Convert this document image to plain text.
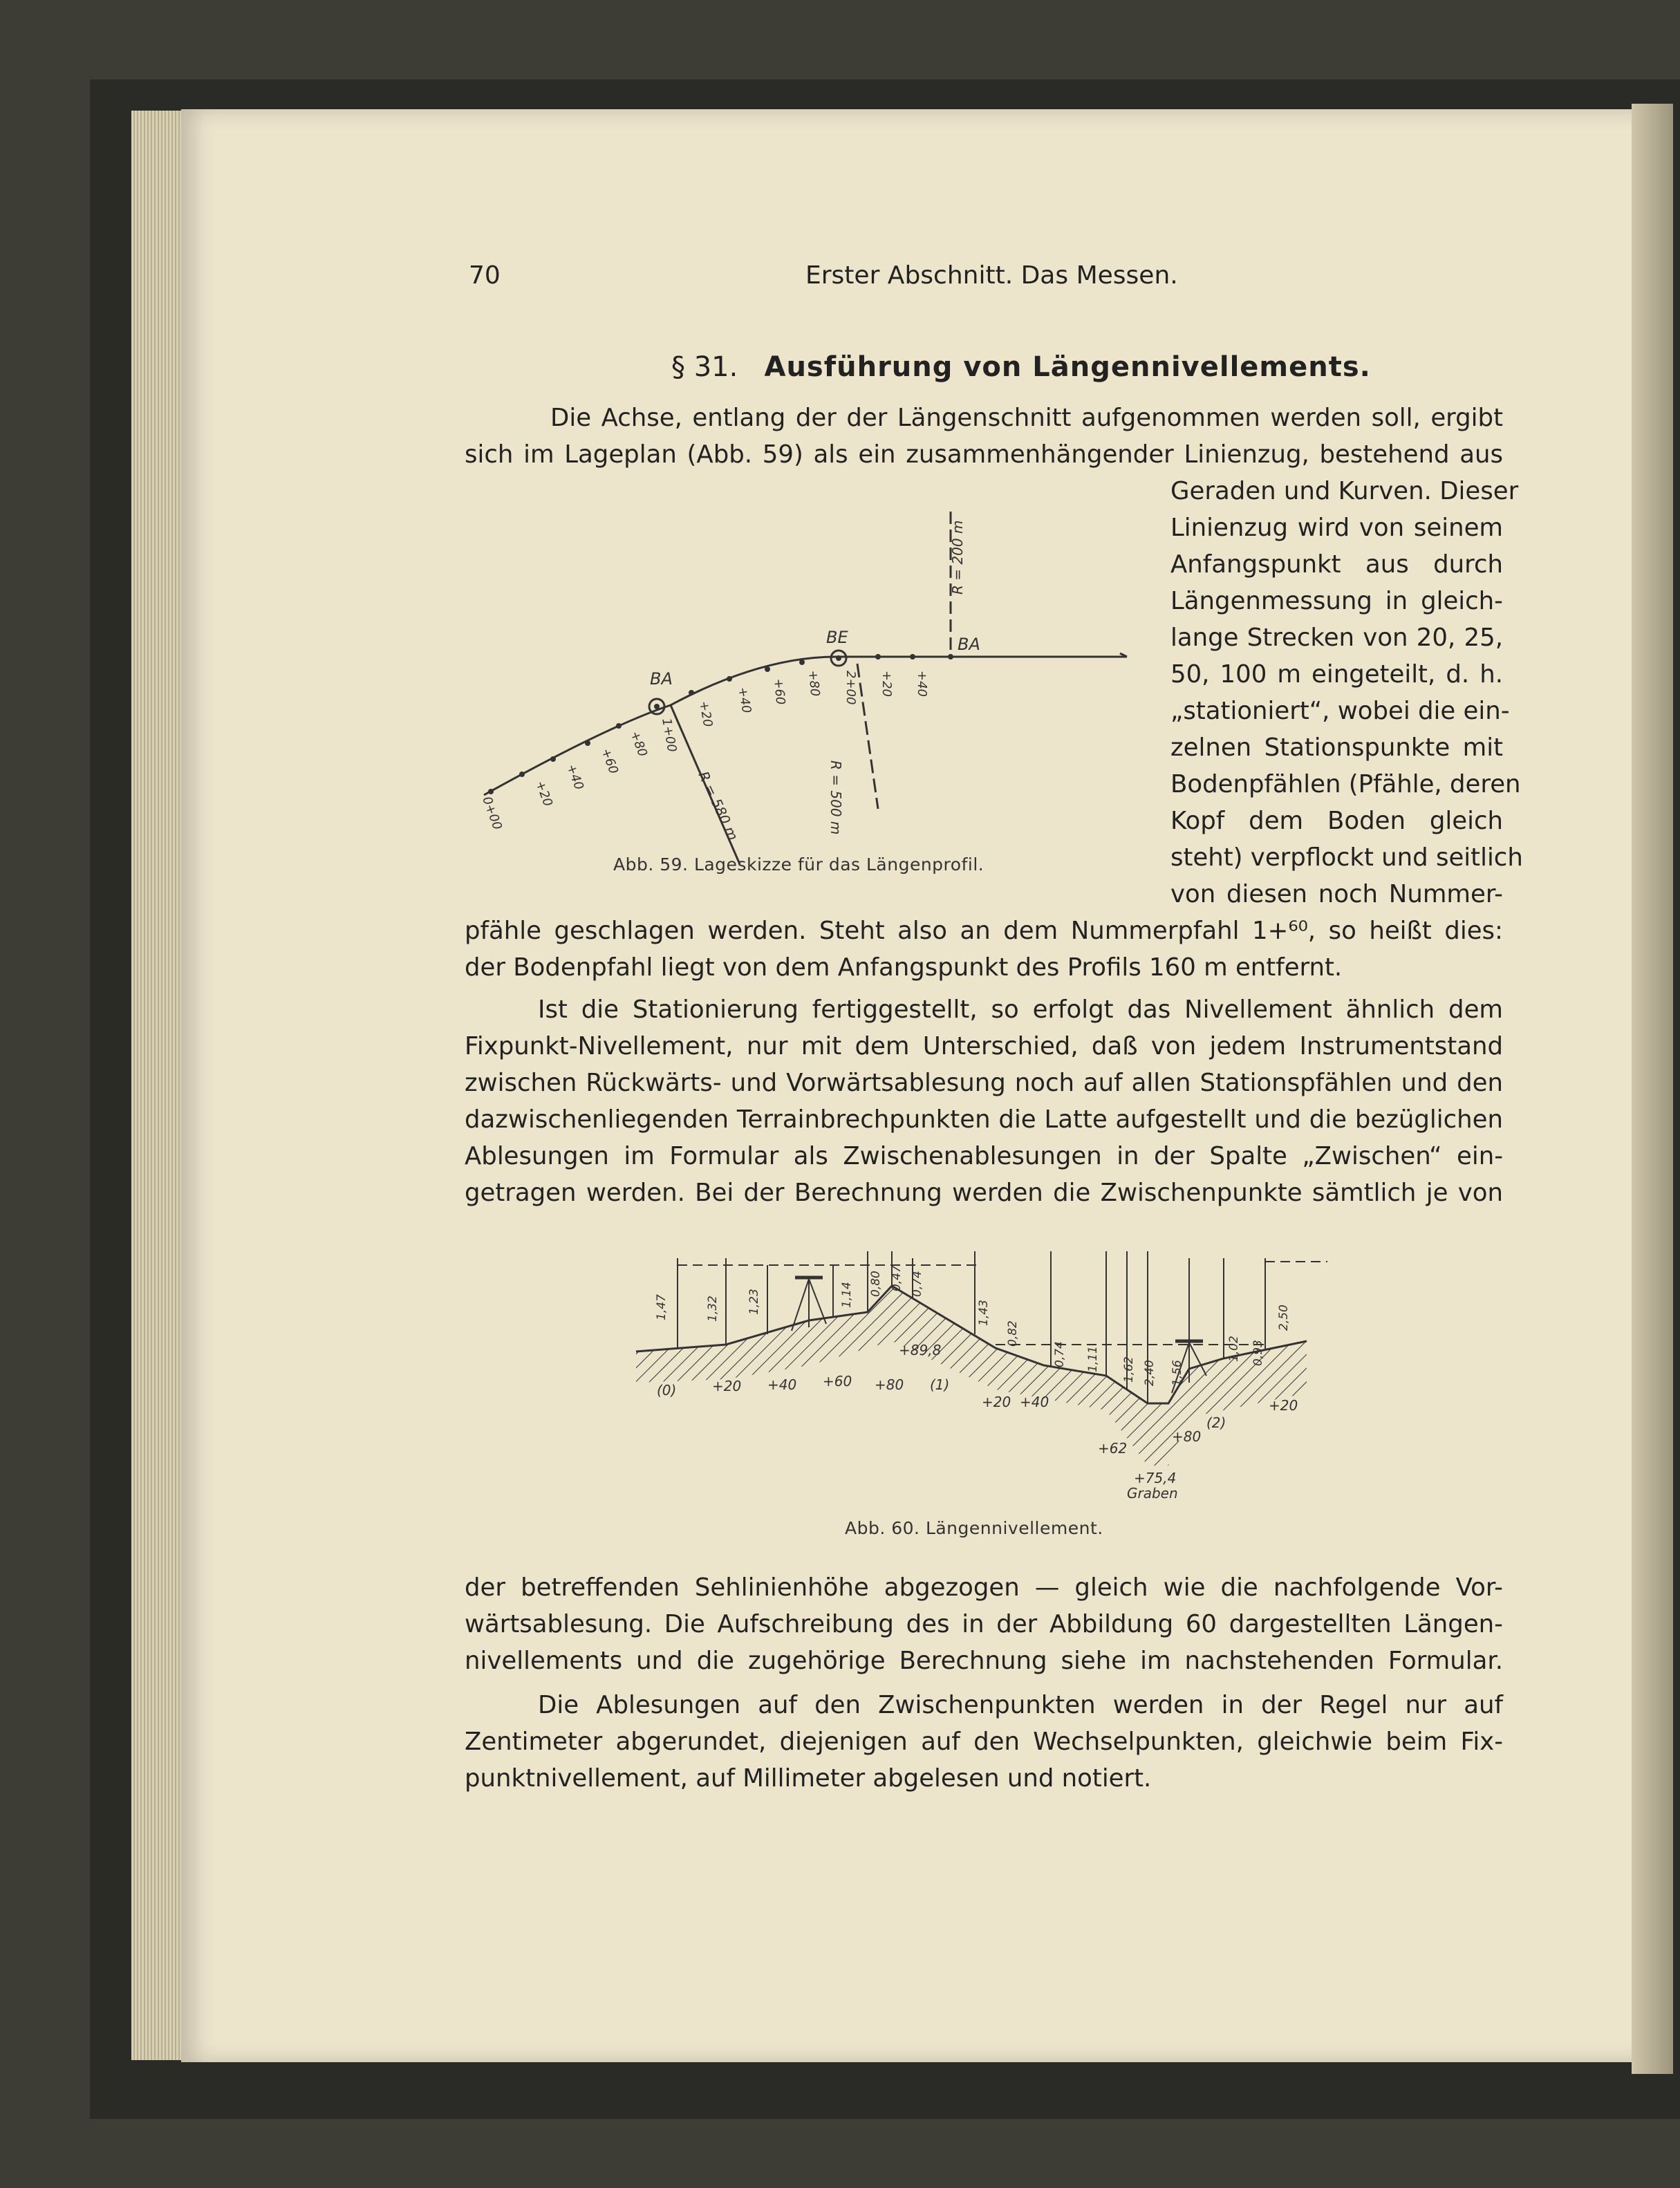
70	Erster Abschnitt. Das Messen.
§ 31. Ausführung von Längennivellements.
Die Achse, entlang der der Längenschnitt aufgenommen werden soll, ergibt
sich im Lageplan (Abb. 59) als ein zusammenhängender Linienzug, bestehend aus
Geraden und Kurven. Dieser
Linienzug wird von seinem
Anfangspunkt aus durch
Längenmessung in gleich-
lange Strecken von 20, 25,
50, 100 m eingeteilt, d. h.
„stationiert“, wobei die ein-
zelnen Stationspunkte mit
Bodenpfählen (Pfähle, deren
Kopf dem Boden gleich
steht) verpflockt und seitlich
von diesen noch Nummer-
pfähle geschlagen werden. Steht also an dem Nummerpfahl 1+⁶⁰, so heißt dies:
der Bodenpfahl liegt von dem Anfangspunkt des Profils 160 m entfernt.
Ist die Stationierung fertiggestellt, so erfolgt das Nivellement ähnlich dem
Fixpunkt-Nivellement, nur mit dem Unterschied, daß von jedem Instrumentstand
zwischen Rückwärts- und Vorwärtsablesung noch auf allen Stationspfählen und den
dazwischenliegenden Terrainbrechpunkten die Latte aufgestellt und die bezüglichen
Ablesungen im Formular als Zwischenablesungen in der Spalte „Zwischen“ ein-
getragen werden. Bei der Berechnung werden die Zwischenpunkte sämtlich je von
der betreffenden Sehlinienhöhe abgezogen — gleich wie die nachfolgende Vor-
wärtsablesung. Die Aufschreibung des in der Abbildung 60 dargestellten Längen-
nivellements und die zugehörige Berechnung siehe im nachstehenden Formular.
Die Ablesungen auf den Zwischenpunkten werden in der Regel nur auf
Zentimeter abgerundet, diejenigen auf den Wechselpunkten, gleichwie beim Fix-
punktnivellement, auf Millimeter abgelesen und notiert.
BA
BE	BA
R = 200 m
R = 500 m
R = 580 m
0+00
+20
+40
+60
+80 1+00
+20 +40 +60 +80 2+00 +20 +40
Abb. 59. Lageskizze für das Längenprofil.
1,47	1,32 1,23	1,14 0,80 0,47 0,74
1,43
0,82
0,74 1,11 1,62 2,40 1,56
1,02 0,93
2,50
(0)	+20 +40 +60 +80 (1)
+20 +40
+89,8
+62
+75,4
+80
(2)
+20
Graben
Abb. 60. Längennivellement.
